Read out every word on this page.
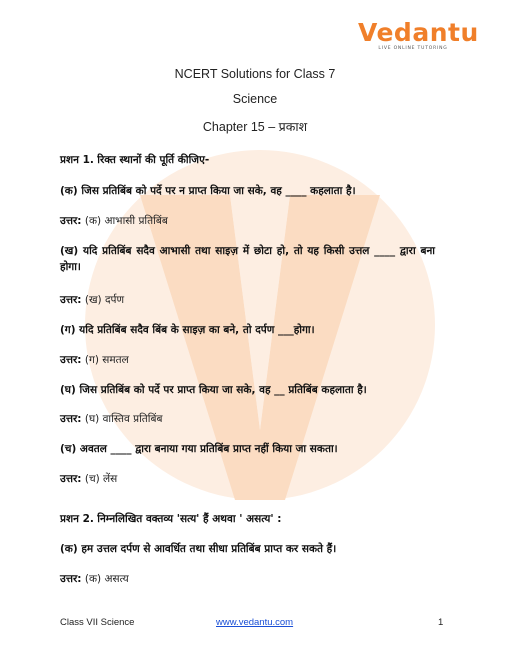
Vedantu
LIVE ONLINE TUTORING
NCERT Solutions for Class 7
Science
Chapter 15 – प्रकाश
प्रशन 1. रिक्त स्थानों की पूर्ति कीजिए-
(क) जिस प्रतिबिंब को पर्दे पर न प्राप्त किया जा सके, वह ____ कहलाता है।
उत्तर: (क) आभासी प्रतिबिंब
(ख) यदि प्रतिबिंब सदैव आभासी तथा साइज़ में छोटा हो, तो यह किसी उत्तल ____ द्वारा बना होगा।
उत्तर: (ख) दर्पण
(ग) यदि प्रतिबिंब सदैव बिंब के साइज़ का बने, तो दर्पण ___होगा।
उत्तर: (ग) समतल
(घ) जिस प्रतिबिंब को पर्दे पर प्राप्त किया जा सके, वह __ प्रतिबिंब कहलाता है।
उत्तर: (घ) वास्तिव प्रतिबिंब
(च) अवतल ____ द्वारा बनाया गया प्रतिबिंब प्राप्त नहीं किया जा सकता।
उत्तर: (च) लेंस
प्रशन 2. निम्नलिखित वक्तव्य 'सत्य' हैं अथवा ' असत्य' :
(क) हम उत्तल दर्पण से आवर्धित तथा सीधा प्रतिबिंब प्राप्त कर सकते हैं।
उत्तर: (क) असत्य
Class VII Science	www.vedantu.com	1
